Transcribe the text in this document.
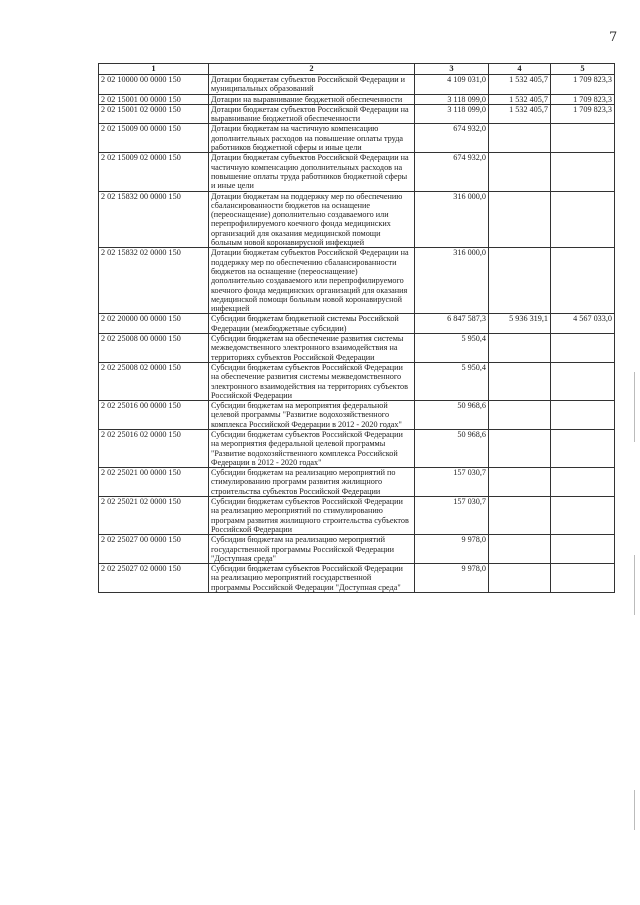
7
1	2	3	4	5
2 02 10000 00 0000 150	Дотации бюджетам субъектов Российской Федерации и муниципальных образований	4 109 031,0	1 532 405,7	1 709 823,3
2 02 15001 00 0000 150	Дотации на выравнивание бюджетной обеспеченности	3 118 099,0	1 532 405,7	1 709 823,3
2 02 15001 02 0000 150	Дотации бюджетам субъектов Российской Федерации на выравнивание бюджетной обеспеченности	3 118 099,0	1 532 405,7	1 709 823,3
2 02 15009 00 0000 150	Дотации бюджетам на частичную компенсацию дополнительных расходов на повышение оплаты труда работников бюджетной сферы и иные цели	674 932,0		
2 02 15009 02 0000 150	Дотации бюджетам субъектов Российской Федерации на частичную компенсацию дополнительных расходов на повышение оплаты труда работников бюджетной сферы и иные цели	674 932,0		
2 02 15832 00 0000 150	Дотации бюджетам на поддержку мер по обеспечению сбалансированности бюджетов на оснащение (переоснащение) дополнительно создаваемого или перепрофилируемого коечного фонда медицинских организаций для оказания медицинской помощи больным новой коронавирусной инфекцией	316 000,0		
2 02 15832 02 0000 150	Дотации бюджетам субъектов Российской Федерации на поддержку мер по обеспечению сбалансированности бюджетов на оснащение (переоснащение) дополнительно создаваемого или перепрофилируемого коечного фонда медицинских организаций для оказания медицинской помощи больным новой коронавирусной инфекцией	316 000,0		
2 02 20000 00 0000 150	Субсидии бюджетам бюджетной системы Российской Федерации (межбюджетные субсидии)	6 847 587,3	5 936 319,1	4 567 033,0
2 02 25008 00 0000 150	Субсидии бюджетам на обеспечение развития системы межведомственного электронного взаимодействия на территориях субъектов Российской Федерации	5 950,4		
2 02 25008 02 0000 150	Субсидии бюджетам субъектов Российской Федерации на обеспечение развития системы межведомственного электронного взаимодействия на территориях субъектов Российской Федерации	5 950,4		
2 02 25016 00 0000 150	Субсидии бюджетам на мероприятия федеральной целевой программы "Развитие водохозяйственного комплекса Российской Федерации в 2012 - 2020 годах"	50 968,6		
2 02 25016 02 0000 150	Субсидии бюджетам субъектов Российской Федерации на мероприятия федеральной целевой программы "Развитие водохозяйственного комплекса Российской Федерации в 2012 - 2020 годах"	50 968,6		
2 02 25021 00 0000 150	Субсидии бюджетам на реализацию мероприятий по стимулированию программ развития жилищного строительства субъектов Российской Федерации	157 030,7		
2 02 25021 02 0000 150	Субсидии бюджетам субъектов Российской Федерации на реализацию мероприятий по стимулированию программ развития жилищного строительства субъектов Российской Федерации	157 030,7		
2 02 25027 00 0000 150	Субсидии бюджетам на реализацию мероприятий государственной программы Российской Федерации "Доступная среда"	9 978,0		
2 02 25027 02 0000 150	Субсидии бюджетам субъектов Российской Федерации на реализацию мероприятий государственной программы Российской Федерации "Доступная среда"	9 978,0		
